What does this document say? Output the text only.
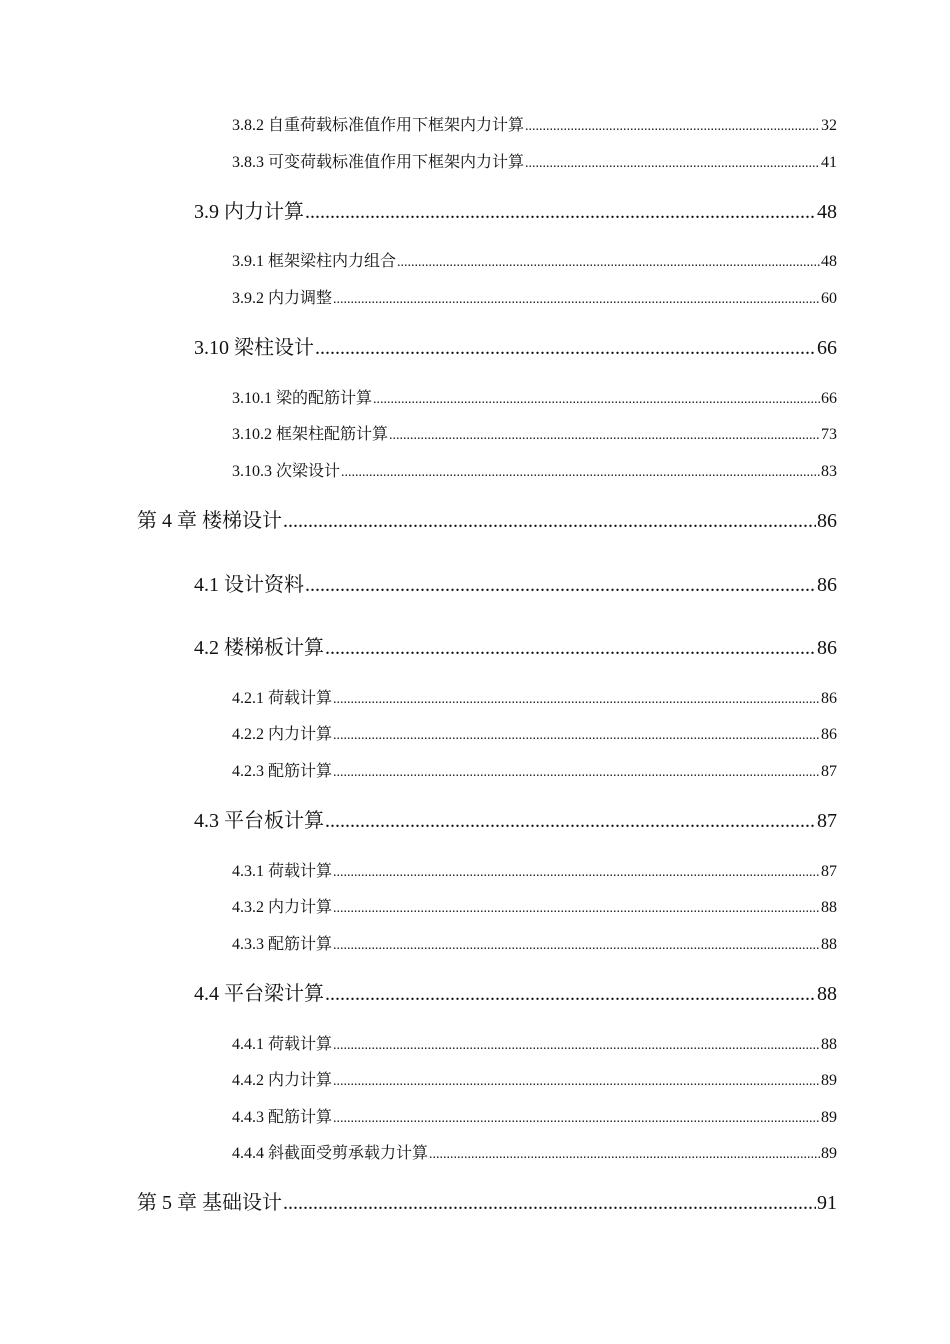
3.8.2 自重荷载标准值作用下框架内力计算 .....	32
3.8.3 可变荷载标准值作用下框架内力计算 .....	41
3.9 内力计算 .....	48
3.9.1 框架梁柱内力组合 .....	48
3.9.2 内力调整 .....	60
3.10 梁柱设计 .....	66
3.10.1 梁的配筋计算 .....	66
3.10.2 框架柱配筋计算 .....	73
3.10.3 次梁设计 .....	83
第 4 章 楼梯设计 .....	86
4.1 设计资料 .....	86
4.2 楼梯板计算 .....	86
4.2.1 荷载计算 .....	86
4.2.2 内力计算 .....	86
4.2.3 配筋计算 .....	87
4.3 平台板计算 .....	87
4.3.1 荷载计算 .....	87
4.3.2 内力计算 .....	88
4.3.3 配筋计算 .....	88
4.4 平台梁计算 .....	88
4.4.1 荷载计算 .....	88
4.4.2 内力计算 .....	89
4.4.3 配筋计算 .....	89
4.4.4 斜截面受剪承载力计算 .....	89
第 5 章 基础设计 .....	91
